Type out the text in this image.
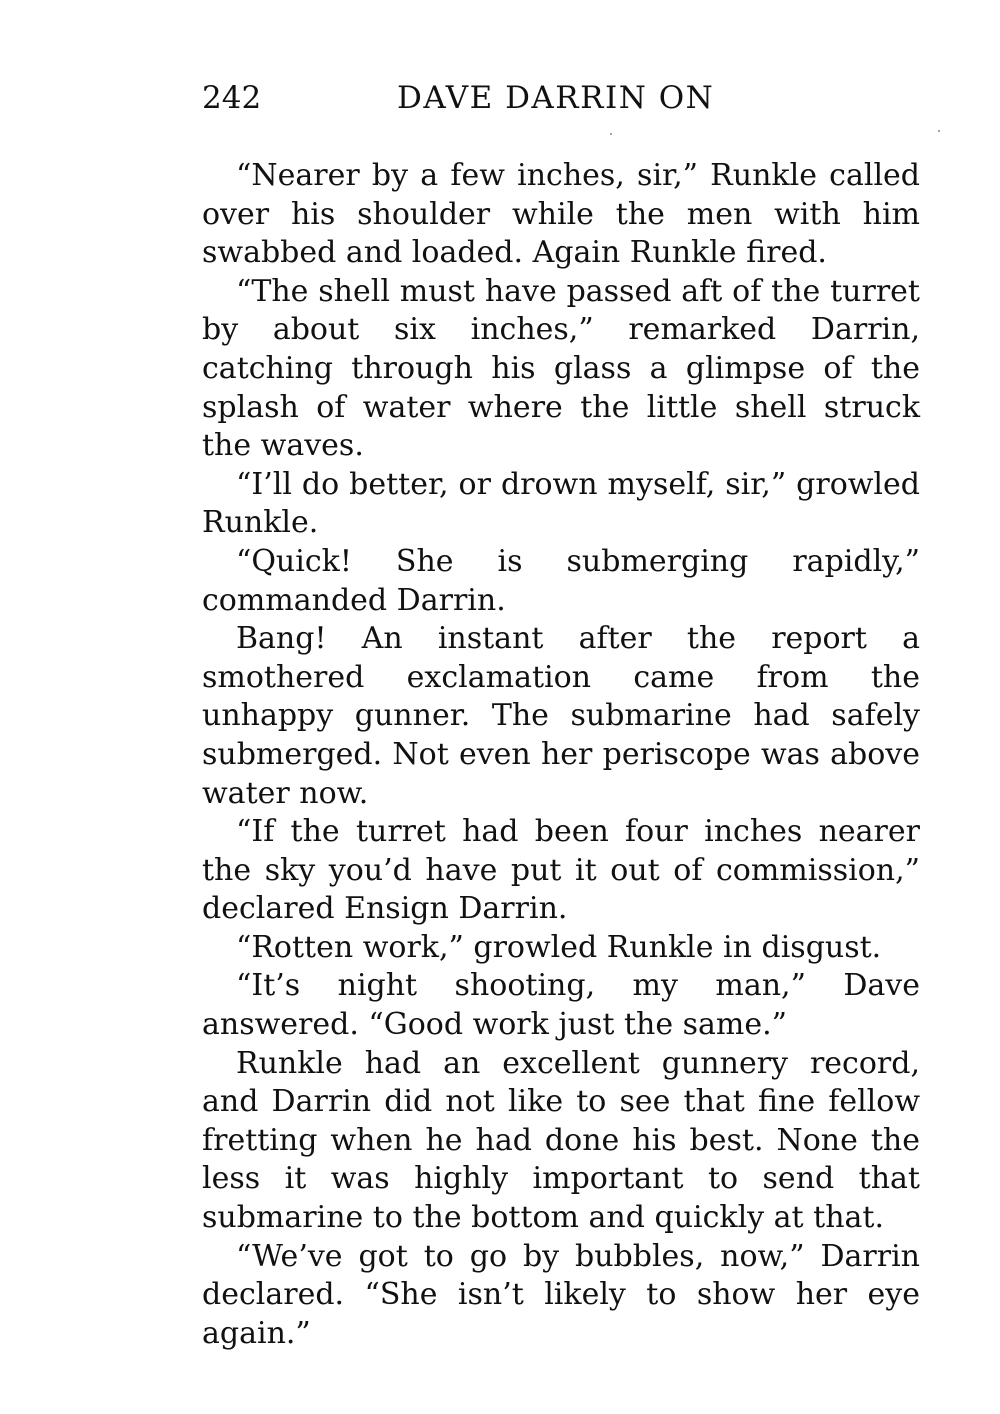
242	DAVE DARRIN ON

“Nearer by a few inches, sir,” Runkle called over his shoulder while the men with him swabbed and loaded. Again Runkle fired.

“The shell must have passed aft of the turret by about six inches,” remarked Darrin, catching through his glass a glimpse of the splash of water where the little shell struck the waves.

“I’ll do better, or drown myself, sir,” growled Runkle.

“Quick! She is submerging rapidly,” commanded Darrin.

Bang! An instant after the report a smothered exclamation came from the unhappy gunner. The submarine had safely submerged. Not even her periscope was above water now.

“If the turret had been four inches nearer the sky you’d have put it out of commission,” declared Ensign Darrin.

“Rotten work,” growled Runkle in disgust.

“It’s night shooting, my man,” Dave answered. “Good work just the same.”

Runkle had an excellent gunnery record, and Darrin did not like to see that fine fellow fretting when he had done his best. None the less it was highly important to send that submarine to the bottom and quickly at that.

“We’ve got to go by bubbles, now,” Darrin declared. “She isn’t likely to show her eye again.”
